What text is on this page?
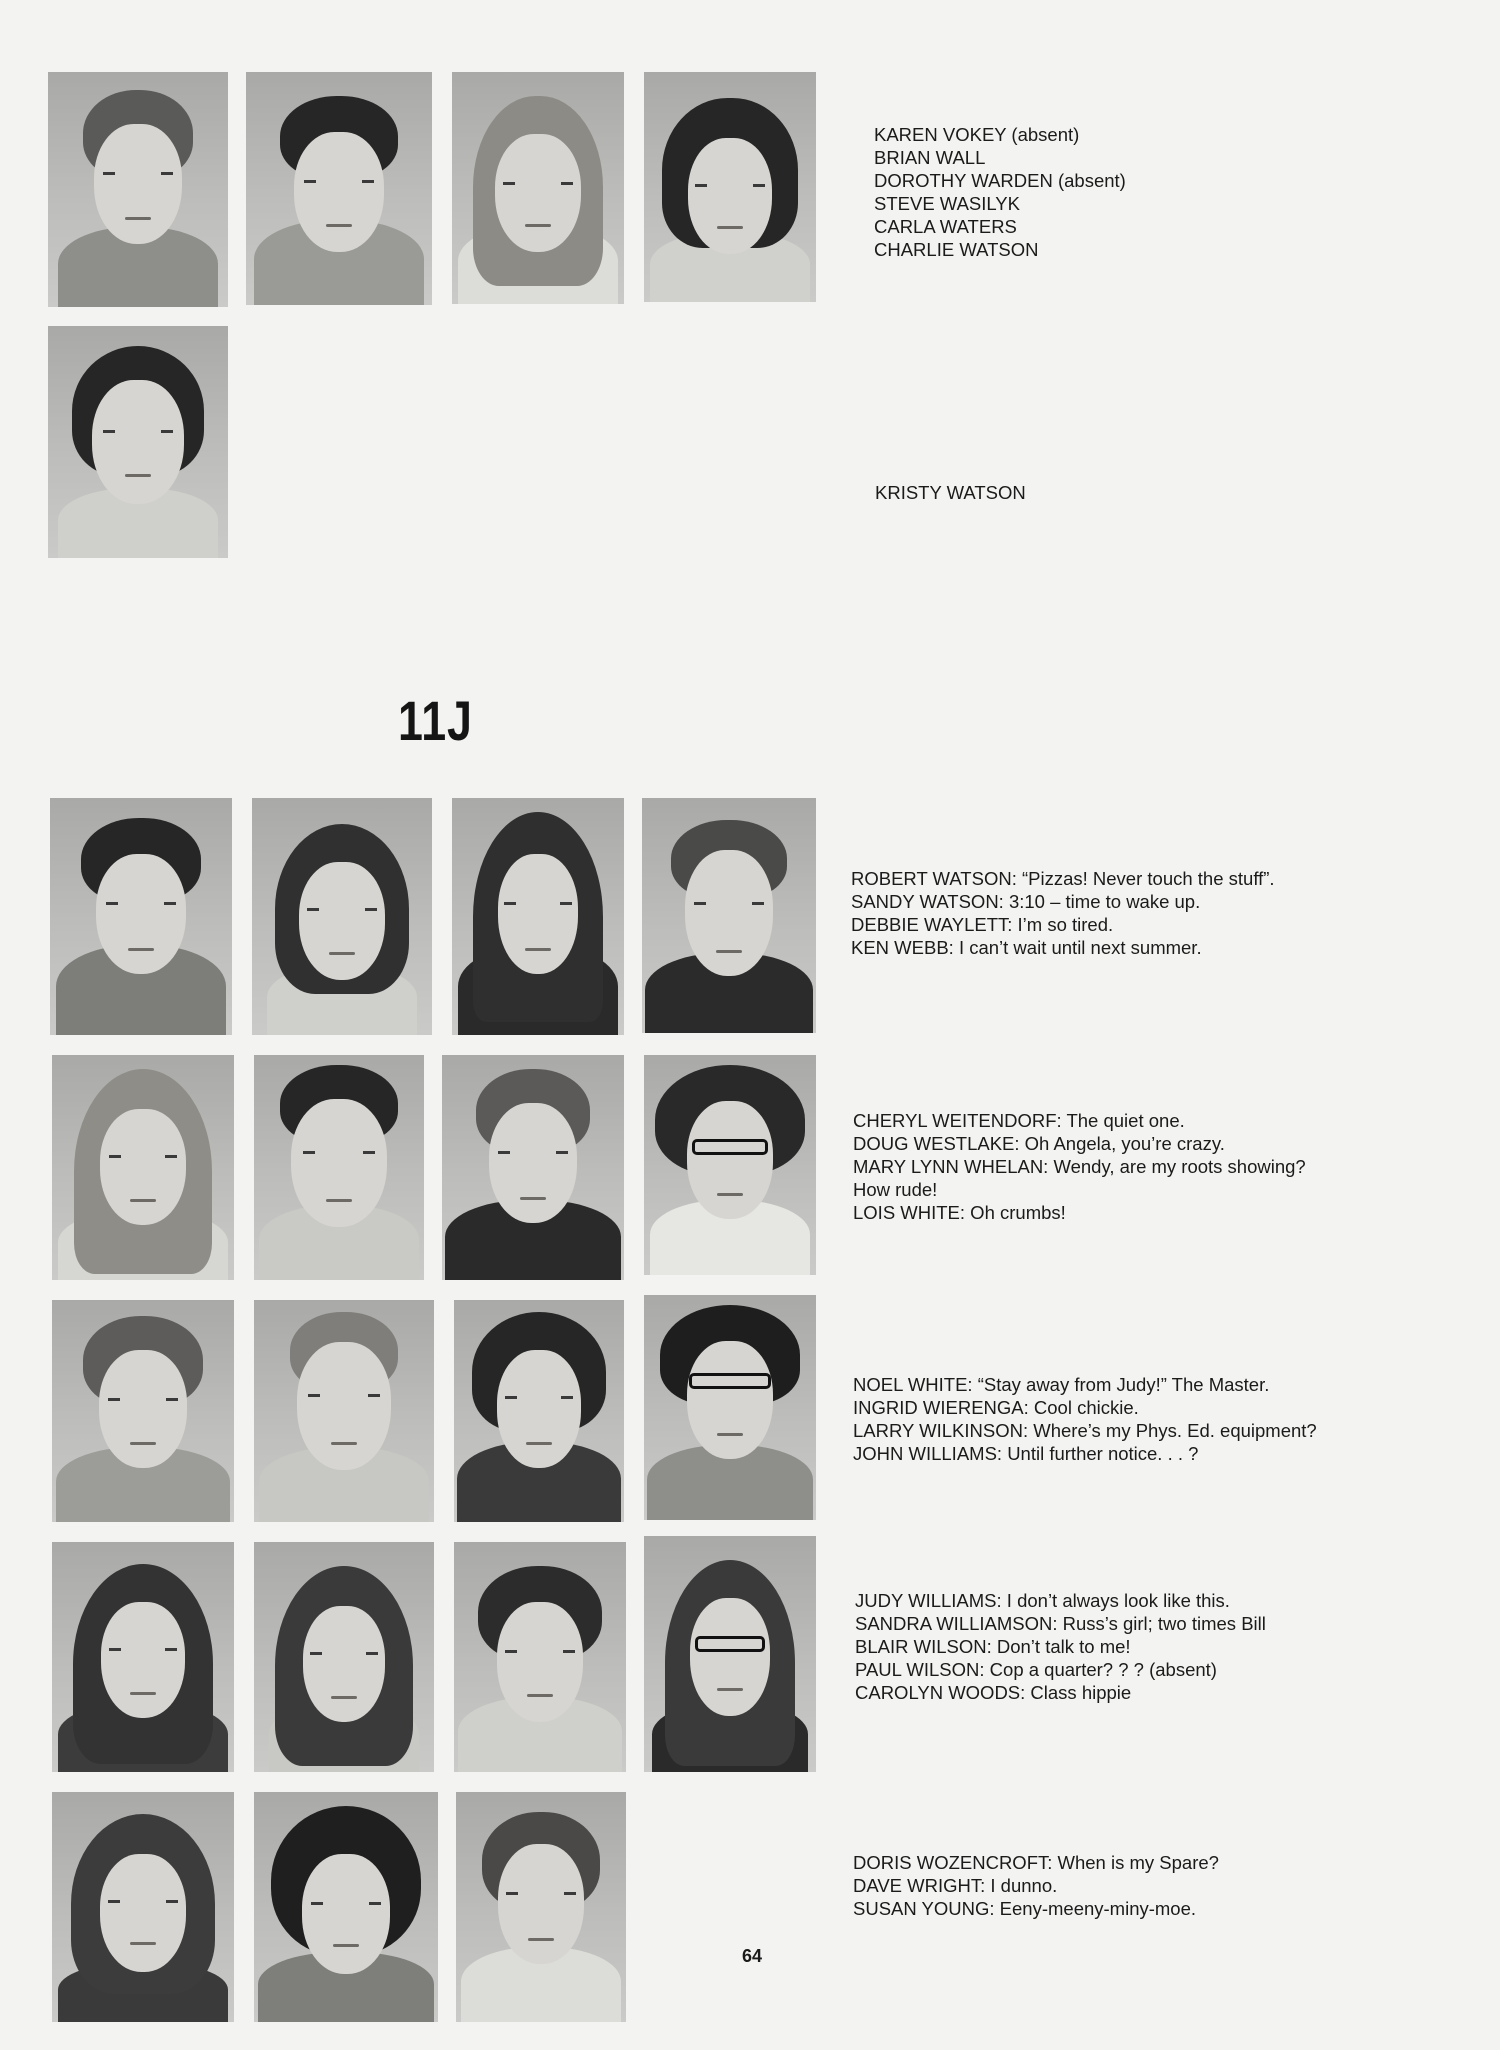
KAREN VOKEY (absent)
BRIAN WALL
DOROTHY WARDEN (absent)
STEVE WASILYK
CARLA WATERS
CHARLIE WATSON
KRISTY WATSON
11J
ROBERT WATSON: “Pizzas! Never touch the stuff”.
SANDY WATSON: 3:10 – time to wake up.
DEBBIE WAYLETT: I’m so tired.
KEN WEBB: I can’t wait until next summer.
CHERYL WEITENDORF: The quiet one.
DOUG WESTLAKE: Oh Angela, you’re crazy.
MARY LYNN WHELAN: Wendy, are my roots showing?
How rude!
LOIS WHITE: Oh crumbs!
NOEL WHITE: “Stay away from Judy!” The Master.
INGRID WIERENGA: Cool chickie.
LARRY WILKINSON: Where’s my Phys. Ed. equipment?
JOHN WILLIAMS: Until further notice. . . ?
JUDY WILLIAMS: I don’t always look like this.
SANDRA WILLIAMSON: Russ’s girl; two times Bill
BLAIR WILSON: Don’t talk to me!
PAUL WILSON: Cop a quarter? ? ? (absent)
CAROLYN WOODS: Class hippie
DORIS WOZENCROFT: When is my Spare?
DAVE WRIGHT: I dunno.
SUSAN YOUNG: Eeny-meeny-miny-moe.
64
